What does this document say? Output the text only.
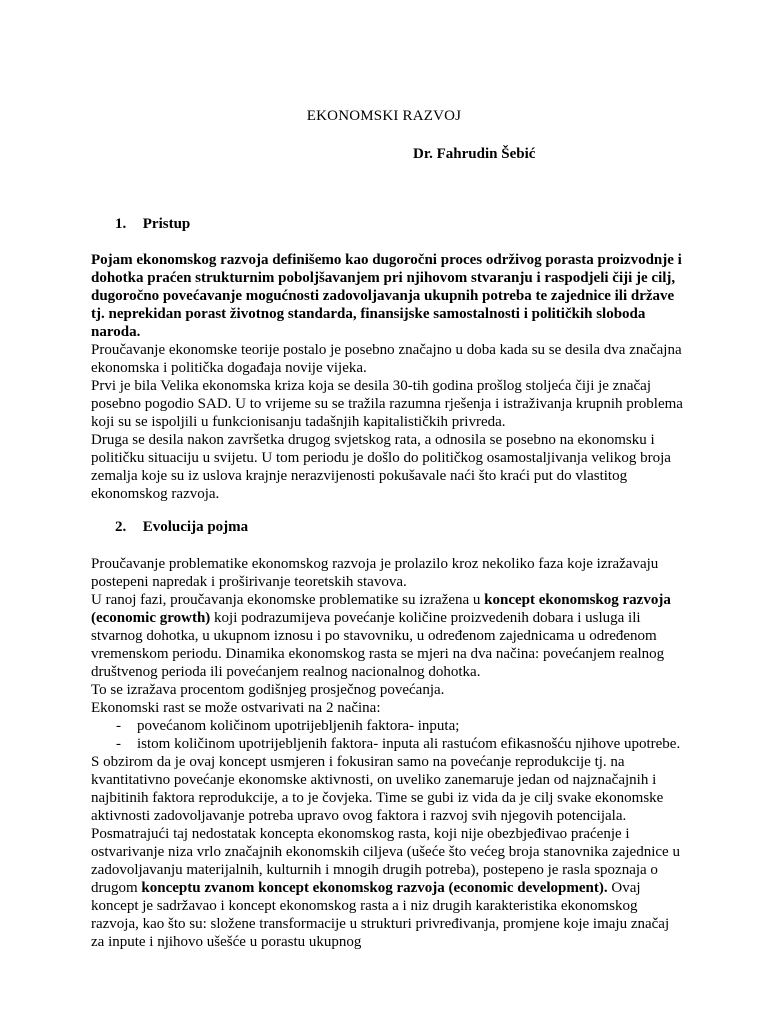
EKONOMSKI RAZVOJ
Dr. Fahrudin Šebić
1. Pristup

Pojam ekonomskog razvoja definišemo kao dugoročni proces održivog porasta proizvodnje i dohotka praćen strukturnim poboljšavanjem pri njihovom stvaranju i raspodjeli čiji je cilj, dugoročno povećavanje mogućnosti zadovoljavanja ukupnih potreba te zajednice ili države tj. neprekidan porast životnog standarda, finansijske samostalnosti i političkih sloboda naroda.

Proučavanje ekonomske teorije postalo je posebno značajno u doba kada su se desila dva značajna ekonomska i politička događaja novije vijeka.

Prvi je bila Velika ekonomska kriza koja se desila 30-tih godina prošlog stoljeća čiji je značaj posebno pogodio SAD. U to vrijeme su se tražila razumna rješenja i istraživanja krupnih problema koji su se ispoljili u funkcionisanju tadašnjih kapitalističkih privreda.

Druga se desila nakon završetka drugog svjetskog rata, a odnosila se posebno na ekonomsku i političku situaciju u svijetu. U tom periodu je došlo do političkog osamostaljivanja velikog broja zemalja koje su iz uslova krajnje nerazvijenosti pokušavale naći što kraći put do vlastitog ekonomskog razvoja.

2. Evolucija pojma

Proučavanje problematike ekonomskog razvoja je prolazilo kroz nekoliko faza koje izražavaju postepeni napredak i proširivanje teoretskih stavova.

U ranoj fazi, proučavanja ekonomske problematike su izražena u koncept ekonomskog razvoja (economic growth) koji podrazumijeva povećanje količine proizvedenih dobara i usluga ili stvarnog dohotka, u ukupnom iznosu i po stavovniku, u određenom zajednicama u određenom vremenskom periodu. Dinamika ekonomskog rasta se mjeri na dva načina: povećanjem realnog društvenog perioda ili povećanjem realnog nacionalnog dohotka.

To se izražava procentom godišnjeg prosječnog povećanja.

Ekonomski rast se može ostvarivati na 2 načina:

- povećanom količinom upotrijebljenih faktora- inputa;
- istom količinom upotrijebljenih faktora- inputa ali rastućom efikasnošću njihove upotrebe.

S obzirom da je ovaj koncept usmjeren i fokusiran samo na povećanje reprodukcije tj. na kvantitativno povećanje ekonomske aktivnosti, on uveliko zanemaruje jedan od najznačajnih i najbitinih faktora reprodukcije, a to je čovjeka. Time se gubi iz vida da je cilj svake ekonomske aktivnosti zadovoljavanje potreba upravo ovog faktora i razvoj svih njegovih potencijala.

Posmatrajući taj nedostatak koncepta ekonomskog rasta, koji nije obezbjeđivao praćenje i ostvarivanje niza vrlo značajnih ekonomskih ciljeva (ušeće što većeg broja stanovnika zajednice u zadovoljavanju materijalnih, kulturnih i mnogih drugih potreba), postepeno je rasla spoznaja o drugom konceptu zvanom koncept ekonomskog razvoja (economic development). Ovaj koncept je sadržavao i koncept ekonomskog rasta a i niz drugih karakteristika ekonomskog razvoja, kao što su: složene transformacije u strukturi privređivanja, promjene koje imaju značaj za inpute i njihovo ušešće u porastu ukupnog
